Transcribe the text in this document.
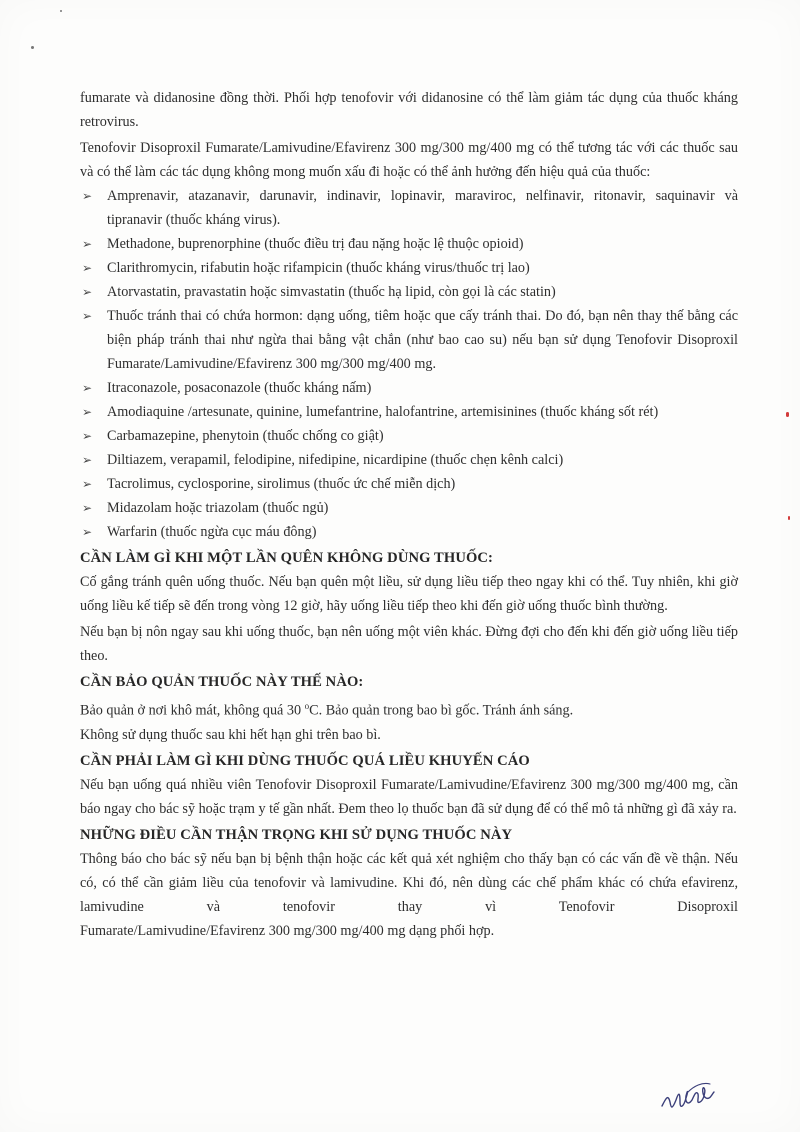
fumarate và didanosine đồng thời. Phối hợp tenofovir với didanosine có thể làm giảm tác dụng của thuốc kháng retrovirus.

Tenofovir Disoproxil Fumarate/Lamivudine/Efavirenz 300 mg/300 mg/400 mg có thể tương tác với các thuốc sau và có thể làm các tác dụng không mong muốn xấu đi hoặc có thể ảnh hưởng đến hiệu quả của thuốc:

➢ Amprenavir, atazanavir, darunavir, indinavir, lopinavir, maraviroc, nelfinavir, ritonavir, saquinavir và tipranavir (thuốc kháng virus).
➢ Methadone, buprenorphine (thuốc điều trị đau nặng hoặc lệ thuộc opioid)
➢ Clarithromycin, rifabutin hoặc rifampicin (thuốc kháng virus/thuốc trị lao)
➢ Atorvastatin, pravastatin hoặc simvastatin (thuốc hạ lipid, còn gọi là các statin)
➢ Thuốc tránh thai có chứa hormon: dạng uống, tiêm hoặc que cấy tránh thai. Do đó, bạn nên thay thế bằng các biện pháp tránh thai như ngừa thai bằng vật chắn (như bao cao su) nếu bạn sử dụng Tenofovir Disoproxil Fumarate/Lamivudine/Efavirenz 300 mg/300 mg/400 mg.
➢ Itraconazole, posaconazole (thuốc kháng nấm)
➢ Amodiaquine /artesunate, quinine, lumefantrine, halofantrine, artemisinines (thuốc kháng sốt rét)
➢ Carbamazepine, phenytoin (thuốc chống co giật)
➢ Diltiazem, verapamil, felodipine, nifedipine, nicardipine (thuốc chẹn kênh calci)
➢ Tacrolimus, cyclosporine, sirolimus (thuốc ức chế miễn dịch)
➢ Midazolam hoặc triazolam (thuốc ngủ)
➢ Warfarin (thuốc ngừa cục máu đông)
CẦN LÀM GÌ KHI MỘT LẦN QUÊN KHÔNG DÙNG THUỐC:

Cố gắng tránh quên uống thuốc. Nếu bạn quên một liều, sử dụng liều tiếp theo ngay khi có thể. Tuy nhiên, khi giờ uống liều kế tiếp sẽ đến trong vòng 12 giờ, hãy uống liều tiếp theo khi đến giờ uống thuốc bình thường.

Nếu bạn bị nôn ngay sau khi uống thuốc, bạn nên uống một viên khác. Đừng đợi cho đến khi đến giờ uống liều tiếp theo.

CẦN BẢO QUẢN THUỐC NÀY THẾ NÀO:

Bảo quản ở nơi khô mát, không quá 30 $^o$C. Bảo quản trong bao bì gốc. Tránh ánh sáng.

Không sử dụng thuốc sau khi hết hạn ghi trên bao bì.

CẦN PHẢI LÀM GÌ KHI DÙNG THUỐC QUÁ LIỀU KHUYẾN CÁO

Nếu bạn uống quá nhiều viên Tenofovir Disoproxil Fumarate/Lamivudine/Efavirenz 300 mg/300 mg/400 mg, cần báo ngay cho bác sỹ hoặc trạm y tế gần nhất. Đem theo lọ thuốc bạn đã sử dụng để có thể mô tả những gì đã xảy ra.

NHỮNG ĐIỀU CẦN THẬN TRỌNG KHI SỬ DỤNG THUỐC NÀY

Thông báo cho bác sỹ nếu bạn bị bệnh thận hoặc các kết quả xét nghiệm cho thấy bạn có các vấn đề về thận. Nếu có, có thể cần giảm liều của tenofovir và lamivudine. Khi đó, nên dùng các chế phẩm khác có chứa efavirenz, lamivudine và tenofovir thay vì Tenofovir Disoproxil

Fumarate/Lamivudine/Efavirenz 300 mg/300 mg/400 mg dạng phối hợp.
